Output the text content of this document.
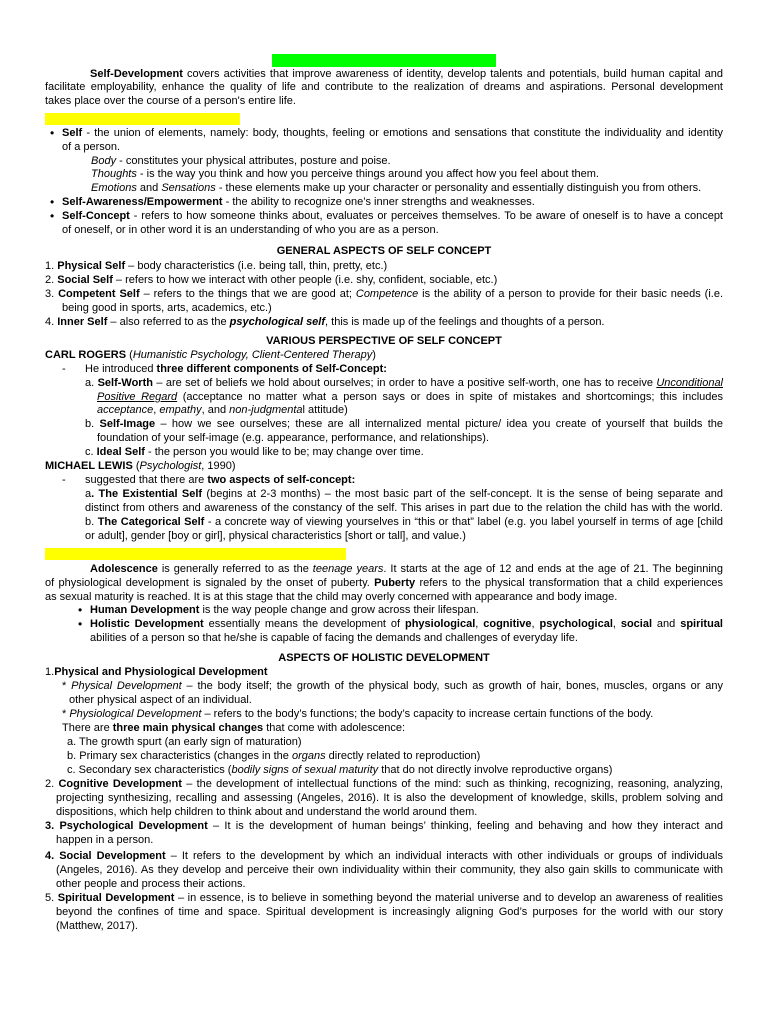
Self-Development covers activities that improve awareness of identity, develop talents and potentials, build human capital and
facilitate employability, enhance the quality of life and contribute to the realization of dreams and aspirations. Personal development
takes place over the course of a person's entire life.
• Self - the union of elements, namely: body, thoughts, feeling or emotions and sensations that constitute the individuality and identity
of a person.
Body - constitutes your physical attributes, posture and poise.
Thoughts - is the way you think and how you perceive things around you affect how you feel about them.
Emotions and Sensations - these elements make up your character or personality and essentially distinguish you from others.
• Self-Awareness/Empowerment - the ability to recognize one’s inner strengths and weaknesses.
• Self-Concept - refers to how someone thinks about, evaluates or perceives themselves. To be aware of oneself is to have a concept
of oneself, or in other word it is an understanding of who you are as a person.
GENERAL ASPECTS OF SELF CONCEPT
1. Physical Self – body characteristics (i.e. being tall, thin, pretty, etc.)
2. Social Self – refers to how we interact with other people (i.e. shy, confident, sociable, etc.)
3. Competent Self – refers to the things that we are good at; Competence is the ability of a person to provide for their basic needs (i.e.
being good in sports, arts, academics, etc.)
4. Inner Self – also referred to as the psychological self, this is made up of the feelings and thoughts of a person.
VARIOUS PERSPECTIVE OF SELF CONCEPT
CARL ROGERS (Humanistic Psychology, Client-Centered Therapy)
- He introduced three different components of Self-Concept:
a. Self-Worth – are set of beliefs we hold about ourselves; in order to have a positive self-worth, one has to receive Unconditional
Positive Regard (acceptance no matter what a person says or does in spite of mistakes and shortcomings; this includes
acceptance, empathy, and non-judgmental attitude)
b. Self-Image – how we see ourselves; these are all internalized mental picture/ idea you create of yourself that builds the
foundation of your self-image (e.g. appearance, performance, and relationships).
c. Ideal Self - the person you would like to be; may change over time.
MICHAEL LEWIS (Psychologist, 1990)
- suggested that there are two aspects of self-concept:
a. The Existential Self (begins at 2-3 months) – the most basic part of the self-concept. It is the sense of being separate and
distinct from others and awareness of the constancy of the self. This arises in part due to the relation the child has with the world.
b. The Categorical Self - a concrete way of viewing yourselves in “this or that” label (e.g. you label yourself in terms of age [child
or adult], gender [boy or girl], physical characteristics [short or tall], and value.)
Adolescence is generally referred to as the teenage years. It starts at the age of 12 and ends at the age of 21. The beginning
of physiological development is signaled by the onset of puberty. Puberty refers to the physical transformation that a child experiences
as sexual maturity is reached. It is at this stage that the child may overly concerned with appearance and body image.
• Human Development is the way people change and grow across their lifespan.
• Holistic Development essentially means the development of physiological, cognitive, psychological, social and spiritual
abilities of a person so that he/she is capable of facing the demands and challenges of everyday life.
ASPECTS OF HOLISTIC DEVELOPMENT
1.Physical and Physiological Development
* Physical Development – the body itself; the growth of the physical body, such as growth of hair, bones, muscles, organs or any
other physical aspect of an individual.
* Physiological Development – refers to the body’s functions; the body’s capacity to increase certain functions of the body.
There are three main physical changes that come with adolescence:
a. The growth spurt (an early sign of maturation)
b. Primary sex characteristics (changes in the organs directly related to reproduction)
c. Secondary sex characteristics (bodily signs of sexual maturity that do not directly involve reproductive organs)
2. Cognitive Development – the development of intellectual functions of the mind: such as thinking, recognizing, reasoning, analyzing,
projecting synthesizing, recalling and assessing (Angeles, 2016). It is also the development of knowledge, skills, problem solving and
dispositions, which help children to think about and understand the world around them.
3. Psychological Development – It is the development of human beings’ thinking, feeling and behaving and how they interact and
happen in a person.
4. Social Development – It refers to the development by which an individual interacts with other individuals or groups of individuals
(Angeles, 2016). As they develop and perceive their own individuality within their community, they also gain skills to communicate with
other people and process their actions.
5. Spiritual Development – in essence, is to believe in something beyond the material universe and to develop an awareness of realities
beyond the confines of time and space. Spiritual development is increasingly aligning God’s purposes for the world with our story
(Matthew, 2017).
